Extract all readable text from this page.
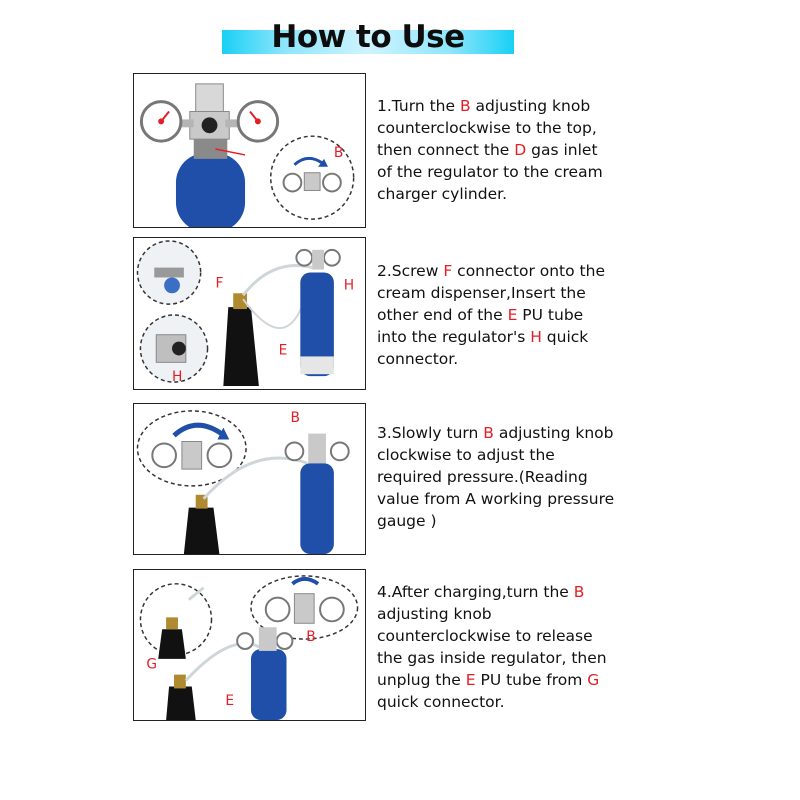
How to Use
B
1.Turn the B adjusting knob counterclockwise to the top, then connect the D gas inlet of the regulator to the cream charger cylinder.
H
F
E
H
2.Screw F connector onto the cream dispenser,Insert the other end of the E PU tube into the regulator's H quick connector.
B
3.Slowly turn B adjusting knob clockwise to adjust the required pressure.(Reading value from A working pressure gauge )
G
E
B
4.After charging,turn the B adjusting knob counterclockwise to release the gas inside regulator, then unplug the E PU tube from G quick connector.
